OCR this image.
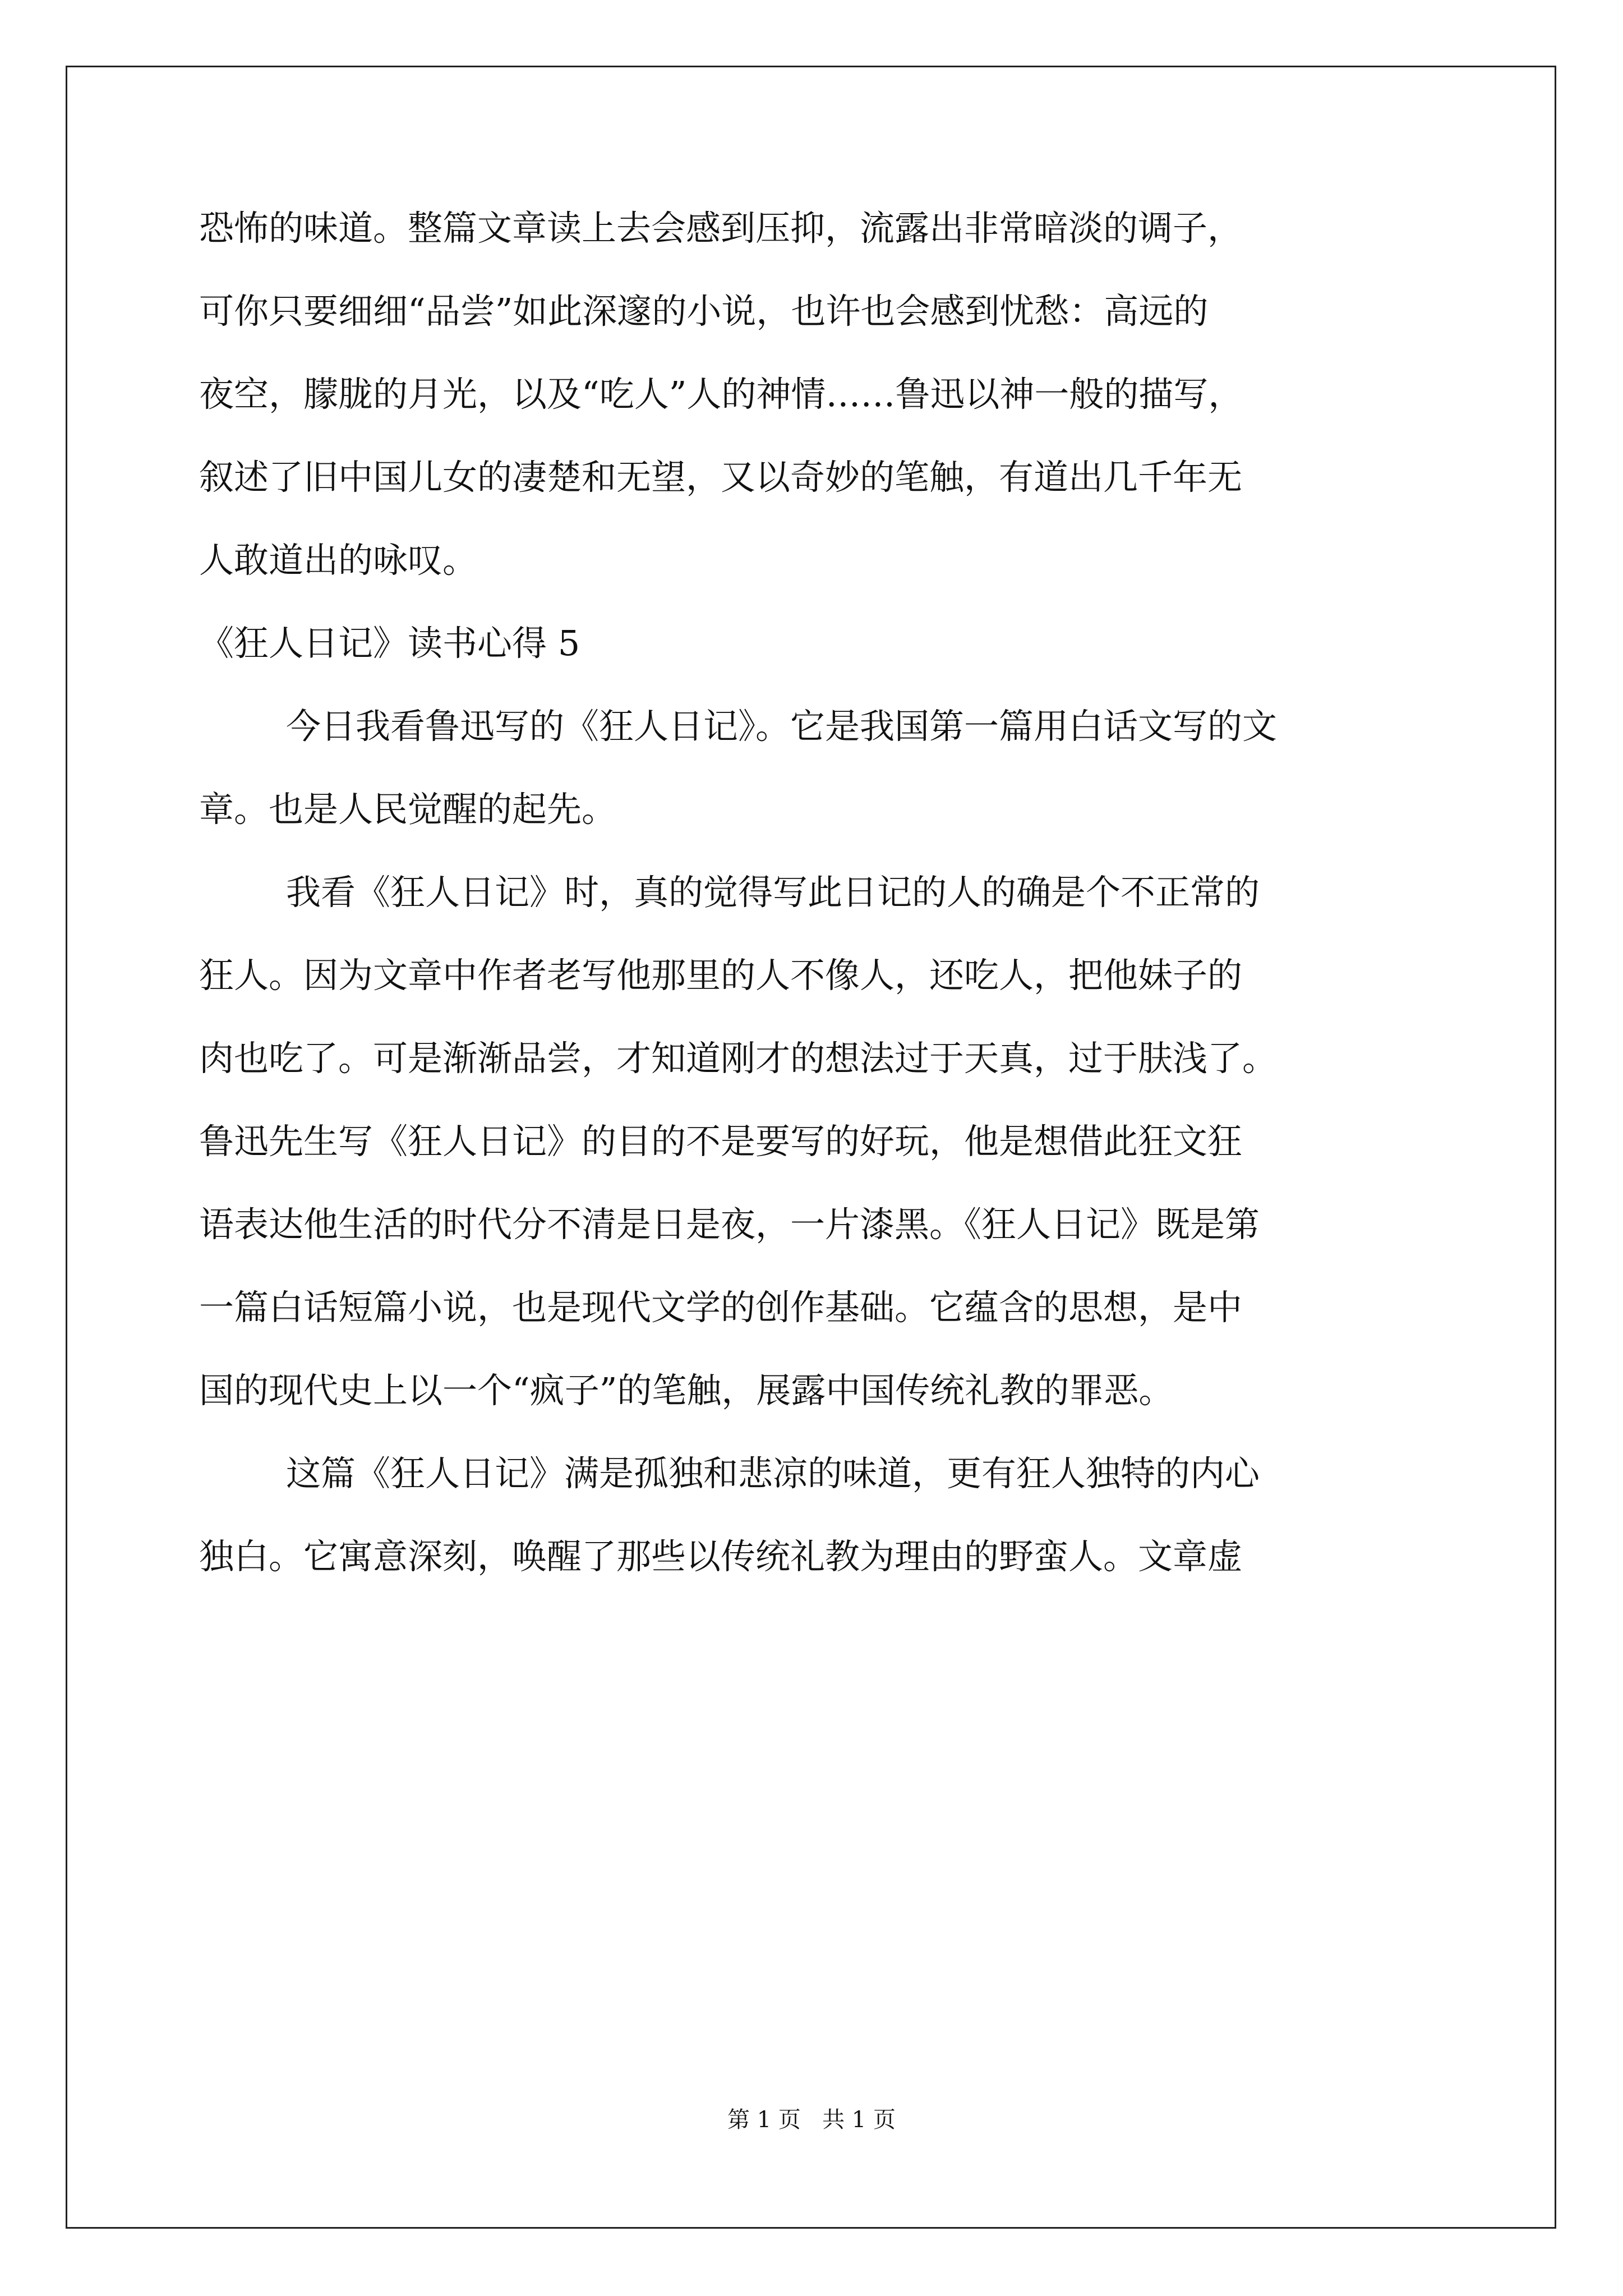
恐怖的味道。整篇文章读上去会感到压抑，流露出非常暗淡的调子，
可你只要细细“品尝”如此深邃的小说，也许也会感到忧愁：高远的
夜空，朦胧的月光，以及“吃人”人的神情……鲁迅以神一般的描写，
叙述了旧中国儿女的凄楚和无望，又以奇妙的笔触，有道出几千年无
人敢道出的咏叹。
《狂人日记》读书心得 5
今日我看鲁迅写的《狂人日记》。它是我国第一篇用白话文写的文
章。也是人民觉醒的起先。
我看《狂人日记》时，真的觉得写此日记的人的确是个不正常的
狂人。因为文章中作者老写他那里的人不像人，还吃人，把他妹子的
肉也吃了。可是渐渐品尝，才知道刚才的想法过于天真，过于肤浅了。
鲁迅先生写《狂人日记》的目的不是要写的好玩，他是想借此狂文狂
语表达他生活的时代分不清是日是夜，一片漆黑。《狂人日记》既是第
一篇白话短篇小说，也是现代文学的创作基础。它蕴含的思想，是中
国的现代史上以一个“疯子”的笔触，展露中国传统礼教的罪恶。
这篇《狂人日记》满是孤独和悲凉的味道，更有狂人独特的内心
独白。它寓意深刻，唤醒了那些以传统礼教为理由的野蛮人。文章虚
第 1 页   共 1 页
